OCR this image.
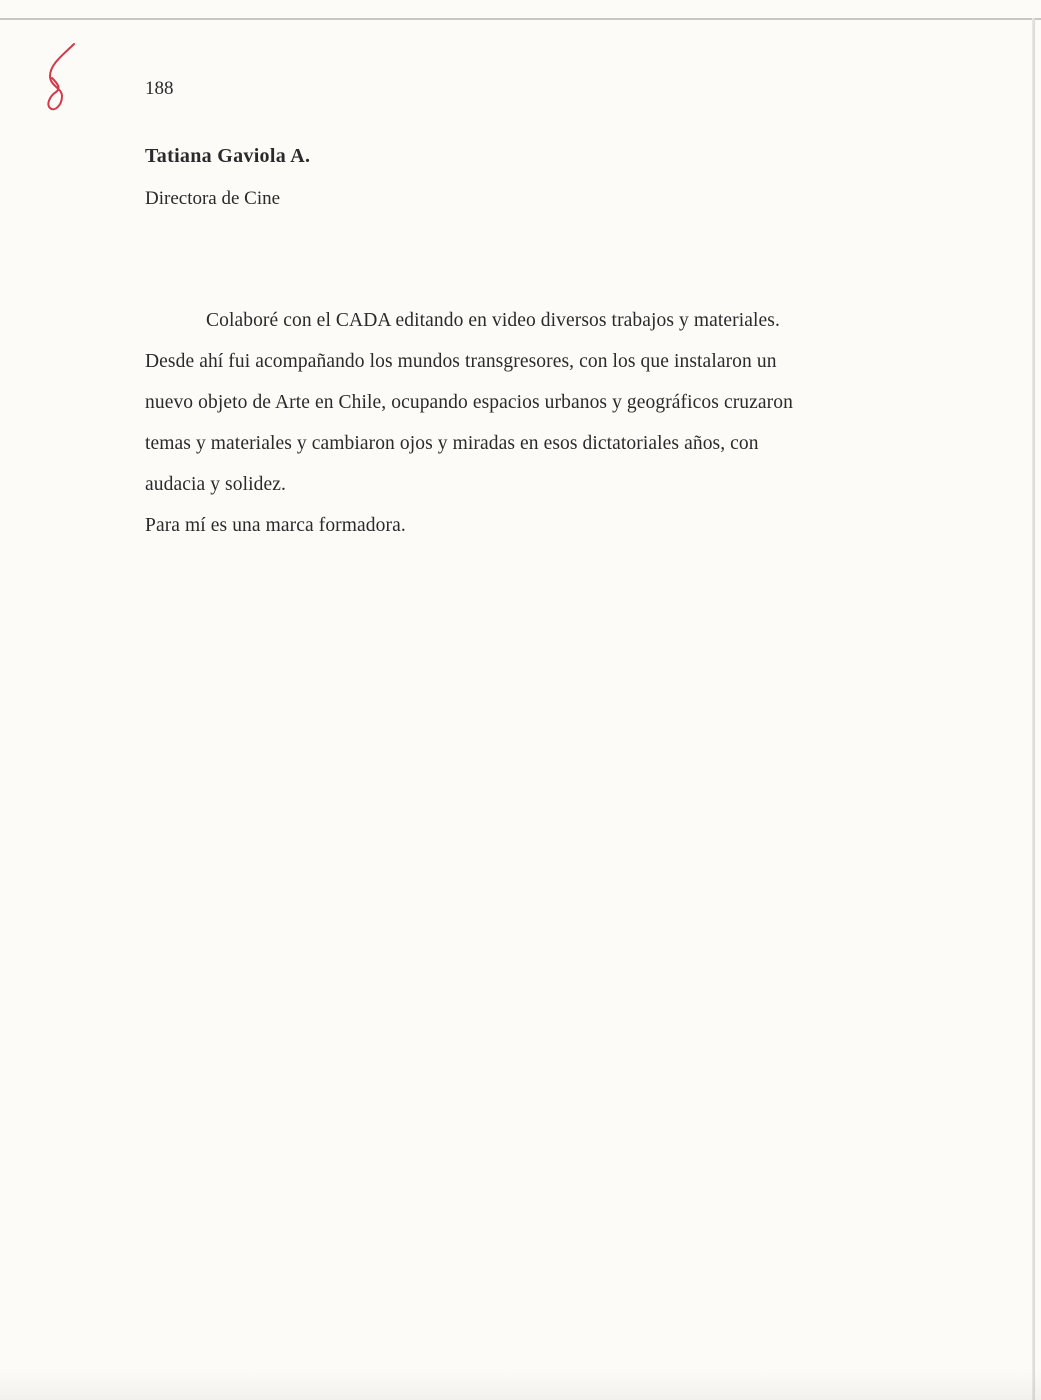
188
Tatiana Gaviola A.
Directora de Cine
Colaboré con el CADA editando en video diversos trabajos y materiales.
Desde ahí fui acompañando los mundos transgresores, con los que instalaron un
nuevo objeto de Arte en Chile, ocupando espacios urbanos y geográficos cruzaron
temas y materiales y cambiaron ojos y miradas en esos dictatoriales años, con
audacia y solidez.
Para mí es una marca formadora.
